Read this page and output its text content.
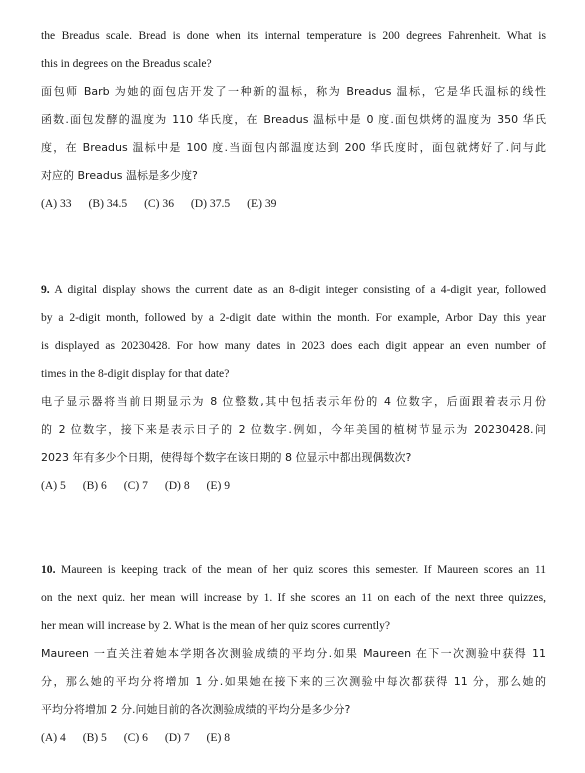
the Breadus scale. Bread is done when its internal temperature is 200 degrees Fahrenheit. What is
this in degrees on the Breadus scale?
面包师 Barb 为她的面包店开发了一种新的温标，称为 Breadus 温标，它是华氏温标的线性
函数.面包发酵的温度为 110 华氏度，在 Breadus 温标中是 0 度.面包烘烤的温度为 350 华氏
度，在 Breadus 温标中是 100 度.当面包内部温度达到 200 华氏度时，面包就烤好了.问与此
对应的 Breadus 温标是多少度?
(A) 33 (B) 34.5 (C) 36 (D) 37.5 (E) 39
9. A digital display shows the current date as an 8-digit integer consisting of a 4-digit year, followed
by a 2-digit month, followed by a 2-digit date within the month. For example, Arbor Day this year
is displayed as 20230428. For how many dates in 2023 does each digit appear an even number of
times in the 8-digit display for that date?
电子显示器将当前日期显示为 8 位整数,其中包括表示年份的 4 位数字，后面跟着表示月份
的 2 位数字，接下来是表示日子的 2 位数字.例如，今年美国的植树节显示为 20230428.问
2023 年有多少个日期，使得每个数字在该日期的 8 位显示中都出现偶数次?
(A) 5 (B) 6 (C) 7 (D) 8 (E) 9
10. Maureen is keeping track of the mean of her quiz scores this semester. If Maureen scores an 11
on the next quiz. her mean will increase by 1. If she scores an 11 on each of the next three quizzes,
her mean will increase by 2. What is the mean of her quiz scores currently?
Maureen 一直关注着她本学期各次测验成绩的平均分.如果 Maureen 在下一次测验中获得 11
分，那么她的平均分将增加 1 分.如果她在接下来的三次测验中每次都获得 11 分，那么她的
平均分将增加 2 分.问她目前的各次测验成绩的平均分是多少分?
(A) 4 (B) 5 (C) 6 (D) 7 (E) 8
